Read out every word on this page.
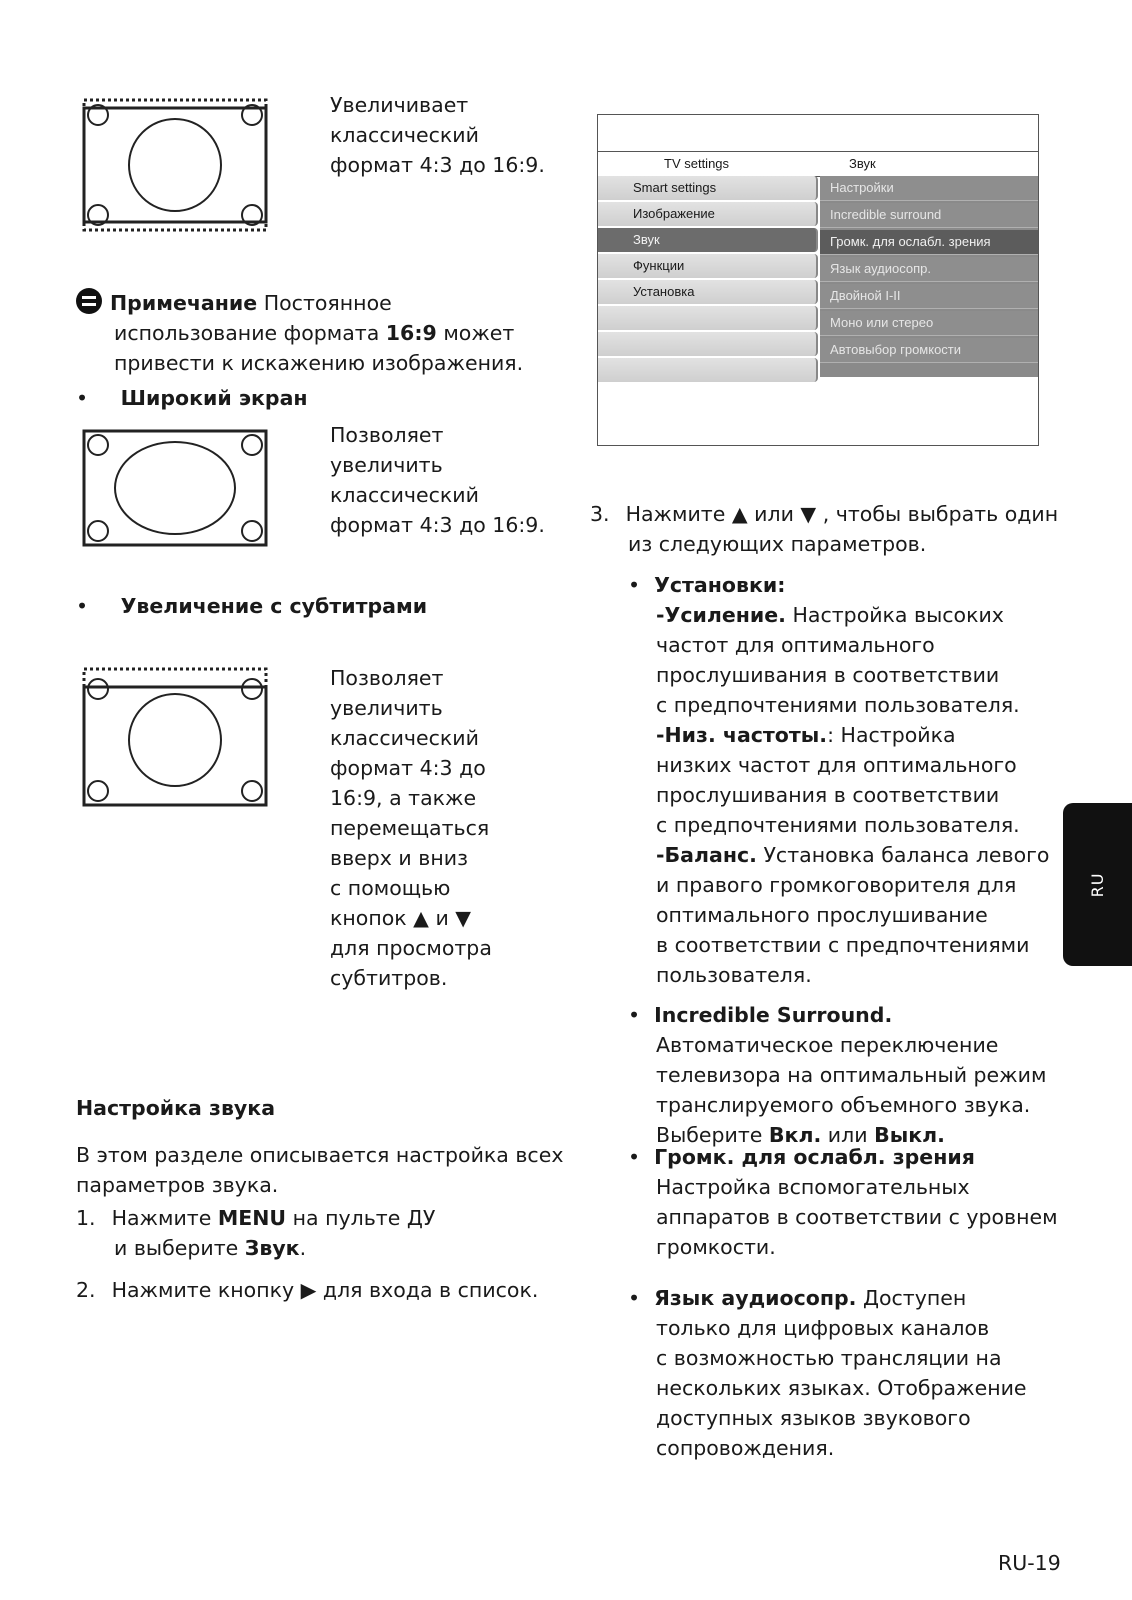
Увеличивает
классический
формат 4:3 до 16:9.
Примечание Постоянное
использование формата 16:9 может
привести к искажению изображения.
• Широкий экран
Позволяет
увеличить
классический
формат 4:3 до 16:9.
• Увеличение с субтитрами
Позволяет
увеличить
классический
формат 4:3 до
16:9, а также
перемещаться
вверх и вниз
с помощью
кнопок ▲ и ▼
для просмотра
субтитров.
Настройка звука
В этом разделе описывается настройка всех
параметров звука.
1. Нажмите MENU на пульте ДУ
и выберите Звук.
2. Нажмите кнопку ▶ для входа в список.
TV settings	Звук
Smart settings
Изображение
Звук
Функции
Установка
Настройки
Incredible surround
Громк. для ослабл. зрения
Язык аудиосопр.
Двойной I-II
Моно или стерео
Автовыбор громкости
3. Нажмите ▲ или ▼ , чтобы выбрать один
из следующих параметров.
• Установки:
-Усиление. Настройка высоких
частот для оптимального
прослушивания в соответствии
с предпочтениями пользователя.
-Низ. частоты.: Настройка
низких частот для оптимального
прослушивания в соответствии
с предпочтениями пользователя.
-Баланс. Установка баланса левого
и правого громкоговорителя для
оптимального прослушивание
в соответствии с предпочтениями
пользователя.
• Incredible Surround.
Автоматическое переключение
телевизора на оптимальный режим
транслируемого объемного звука.
Выберите Вкл. или Выкл.
• Громк. для ослабл. зрения
Настройка вспомогательных
аппаратов в соответствии с уровнем
громкости.
• Язык аудиосопр. Доступен
только для цифровых каналов
с возможностью трансляции на
нескольких языках. Отображение
доступных языков звукового
сопровождения.
RU
RU-19
